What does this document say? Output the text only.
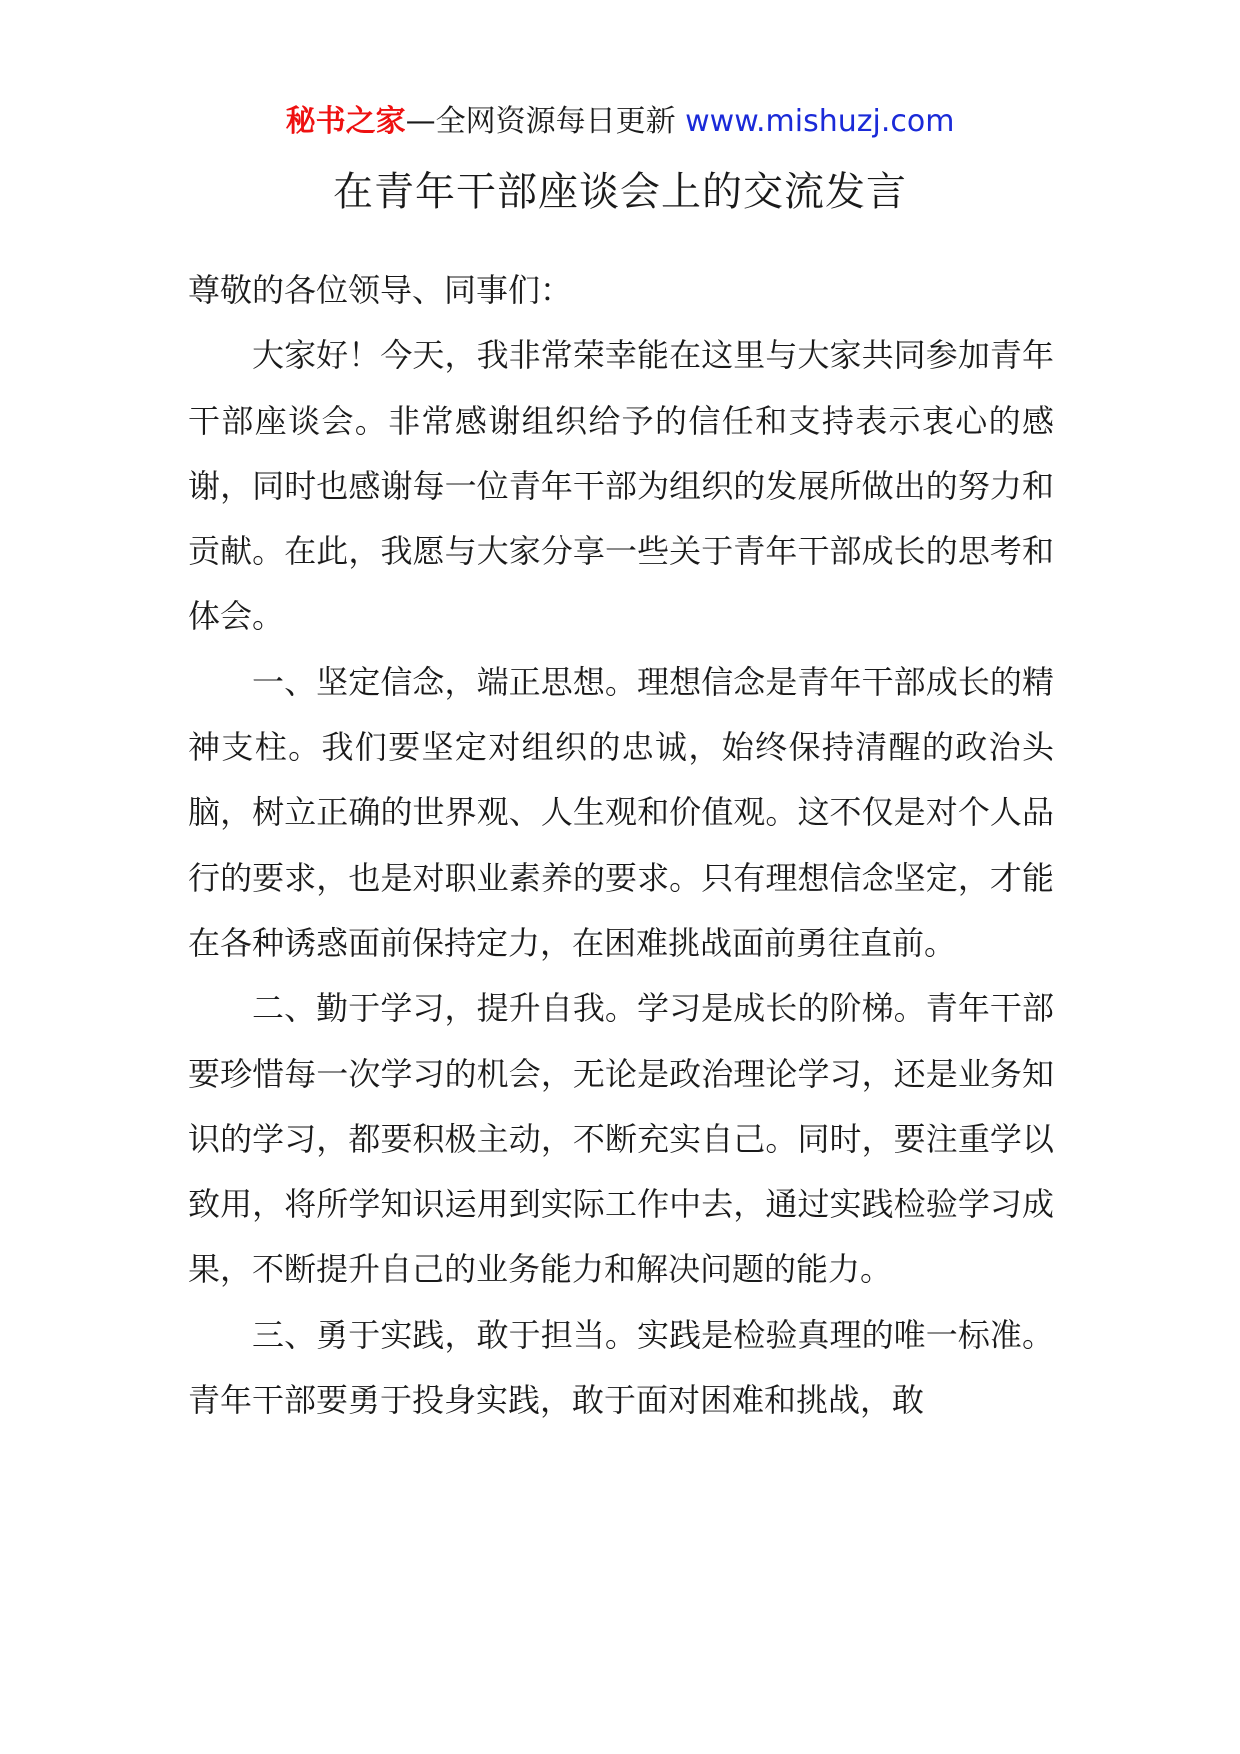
秘书之家—全网资源每日更新 www.mishuzj.com
在青年干部座谈会上的交流发言

尊敬的各位领导、同事们：

大家好！今天，我非常荣幸能在这里与大家共同参加青年干部座谈会。非常感谢组织给予的信任和支持表示衷心的感谢，同时也感谢每一位青年干部为组织的发展所做出的努力和贡献。在此，我愿与大家分享一些关于青年干部成长的思考和体会。

一、坚定信念，端正思想。理想信念是青年干部成长的精神支柱。我们要坚定对组织的忠诚，始终保持清醒的政治头脑，树立正确的世界观、人生观和价值观。这不仅是对个人品行的要求，也是对职业素养的要求。只有理想信念坚定，才能在各种诱惑面前保持定力，在困难挑战面前勇往直前。

二、勤于学习，提升自我。学习是成长的阶梯。青年干部要珍惜每一次学习的机会，无论是政治理论学习，还是业务知识的学习，都要积极主动，不断充实自己。同时，要注重学以致用，将所学知识运用到实际工作中去，通过实践检验学习成果，不断提升自己的业务能力和解决问题的能力。

三、勇于实践，敢于担当。实践是检验真理的唯一标准。青年干部要勇于投身实践，敢于面对困难和挑战，敢
